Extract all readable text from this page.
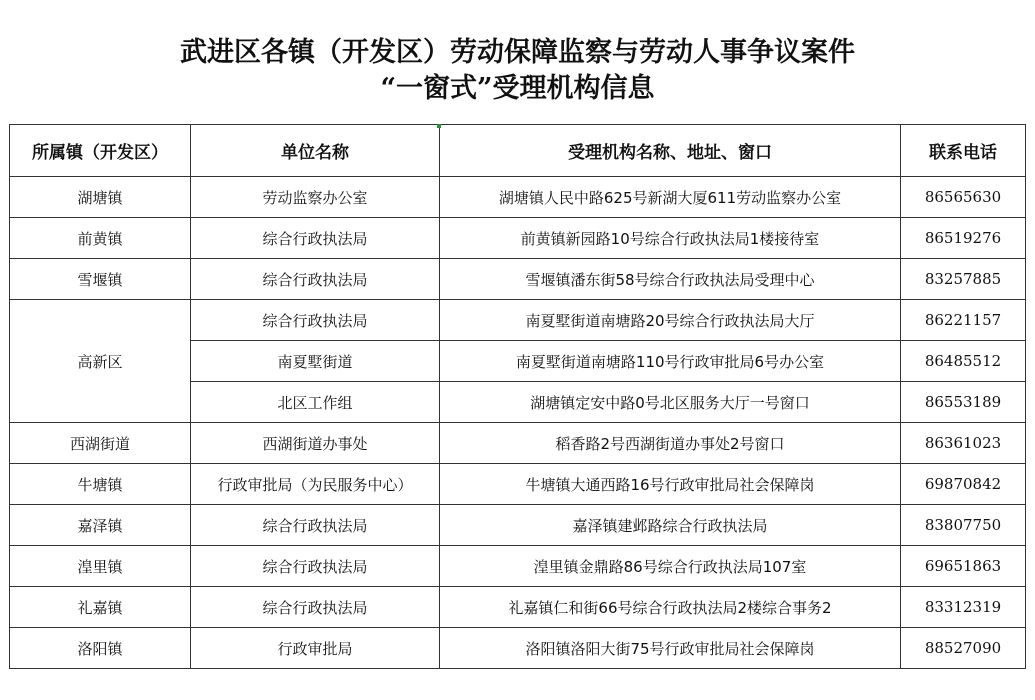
武进区各镇（开发区）劳动保障监察与劳动人事争议案件
“一窗式”受理机构信息
所属镇（开发区）	单位名称	受理机构名称、地址、窗口	联系电话
湖塘镇	劳动监察办公室	湖塘镇人民中路625号新湖大厦611劳动监察办公室	86565630
前黄镇	综合行政执法局	前黄镇新园路10号综合行政执法局1楼接待室	86519276
雪堰镇	综合行政执法局	雪堰镇潘东街58号综合行政执法局受理中心	83257885
高新区	综合行政执法局	南夏墅街道南塘路20号综合行政执法局大厅	86221157
	南夏墅街道	南夏墅街道南塘路110号行政审批局6号办公室	86485512
	北区工作组	湖塘镇定安中路0号北区服务大厅一号窗口	86553189
西湖街道	西湖街道办事处	稻香路2号西湖街道办事处2号窗口	86361023
牛塘镇	行政审批局（为民服务中心）	牛塘镇大通西路16号行政审批局社会保障岗	69870842
嘉泽镇	综合行政执法局	嘉泽镇建邺路综合行政执法局	83807750
湟里镇	综合行政执法局	湟里镇金鼎路86号综合行政执法局107室	69651863
礼嘉镇	综合行政执法局	礼嘉镇仁和街66号综合行政执法局2楼综合事务2	83312319
洛阳镇	行政审批局	洛阳镇洛阳大街75号行政审批局社会保障岗	88527090
